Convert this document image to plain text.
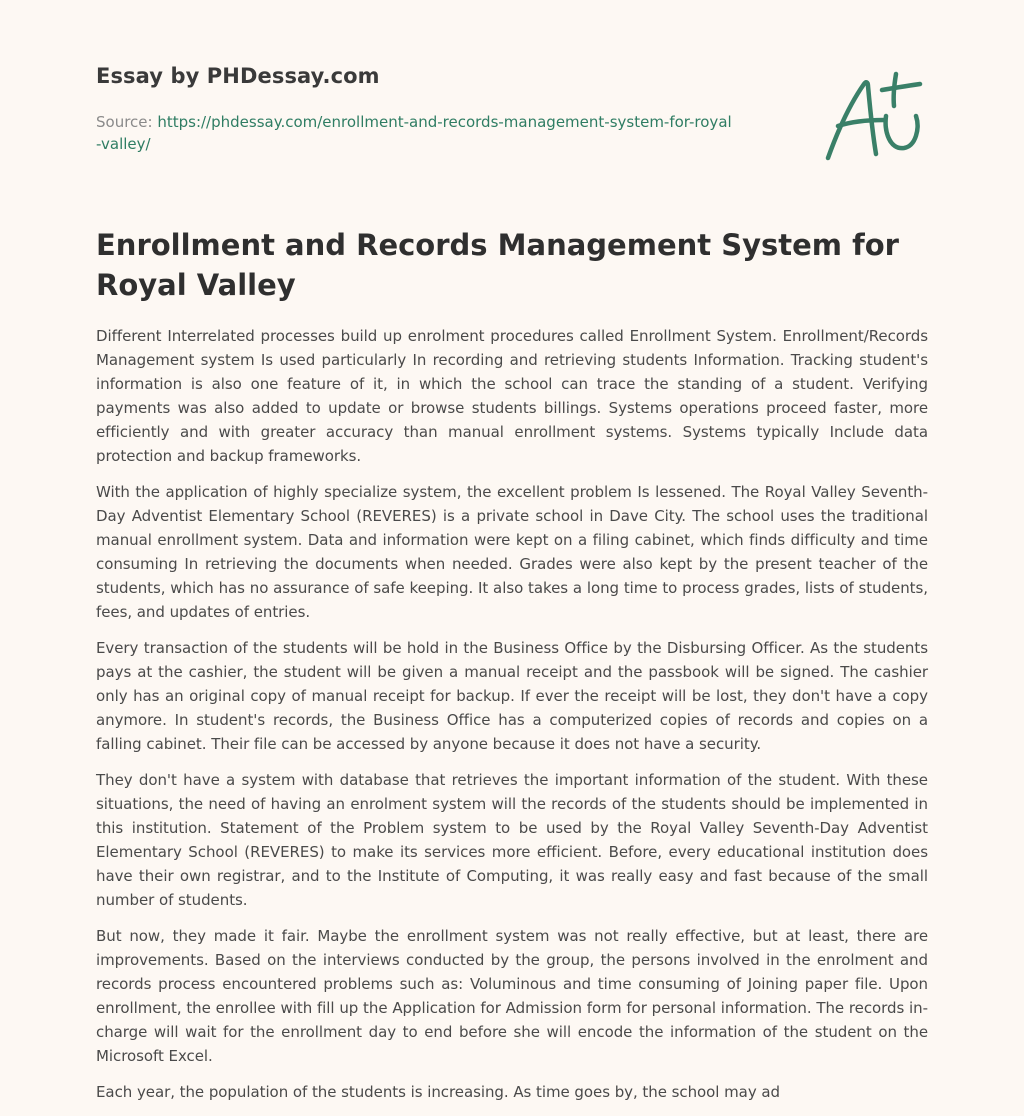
Essay by PHDessay.com
Source: https://phdessay.com/enrollment-and-records-management-system-for-royal-valley/
Enrollment and Records Management System for Royal Valley

Different Interrelated processes build up enrolment procedures called Enrollment System. Enrollment/Records Management system Is used particularly In recording and retrieving students Information. Tracking student's information is also one feature of it, in which the school can trace the standing of a student. Verifying payments was also added to update or browse students billings. Systems operations proceed faster, more efficiently and with greater accuracy than manual enrollment systems. Systems typically Include data protection and backup frameworks.

With the application of highly specialize system, the excellent problem Is lessened. The Royal Valley Seventh-Day Adventist Elementary School (REVERES) is a private school in Dave City. The school uses the traditional manual enrollment system. Data and information were kept on a filing cabinet, which finds difficulty and time consuming In retrieving the documents when needed. Grades were also kept by the present teacher of the students, which has no assurance of safe keeping. It also takes a long time to process grades, lists of students, fees, and updates of entries.

Every transaction of the students will be hold in the Business Office by the Disbursing Officer. As the students pays at the cashier, the student will be given a manual receipt and the passbook will be signed. The cashier only has an original copy of manual receipt for backup. If ever the receipt will be lost, they don't have a copy anymore. In student's records, the Business Office has a computerized copies of records and copies on a falling cabinet. Their file can be accessed by anyone because it does not have a security.

They don't have a system with database that retrieves the important information of the student. With these situations, the need of having an enrolment system will the records of the students should be implemented in this institution. Statement of the Problem system to be used by the Royal Valley Seventh-Day Adventist Elementary School (REVERES) to make its services more efficient. Before, every educational institution does have their own registrar, and to the Institute of Computing, it was really easy and fast because of the small number of students.

But now, they made it fair. Maybe the enrollment system was not really effective, but at least, there are improvements. Based on the interviews conducted by the group, the persons involved in the enrolment and records process encountered problems such as: Voluminous and time consuming of Joining paper file. Upon enrollment, the enrollee with fill up the Application for Admission form for personal information. The records in-charge will wait for the enrollment day to end before she will encode the information of the student on the Microsoft Excel.

Each year, the population of the students is increasing. As time goes by, the school may ad
